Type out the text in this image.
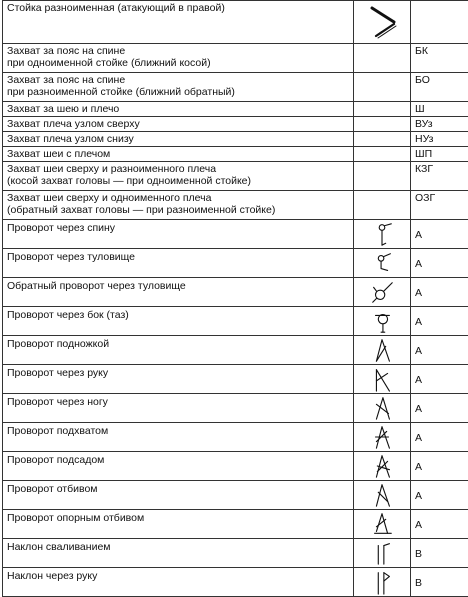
Стойка разноименная (атакующий в правой)	

Захват за пояс на спине
при одноименной стойке (ближний косой)		БК
Захват за пояс на спине
при разноименной стойке (ближний обратный)		БО
Захват за шею и плечо		Ш
Захват плеча узлом сверху		ВУз
Захват плеча узлом снизу		НУз
Захват шеи с плечом		ШП
Захват шеи сверху и разноименного плеча
(косой захват головы — при одноименной стойке)		КЗГ
Захват шеи сверху и одноименного плеча
(обратный захват головы — при разноименной стойке)		ОЗГ
Проворот через спину		А
Проворот через туловище		А
Обратный проворот через туловище		А
Проворот через бок (таз)		А
Проворот подножкой		А
Проворот через руку		А
Проворот через ногу		А
Проворот подхватом		А
Проворот подсадом		А
Проворот отбивом		А
Проворот опорным отбивом		А
Наклон сваливанием		В
Наклон через руку		В
